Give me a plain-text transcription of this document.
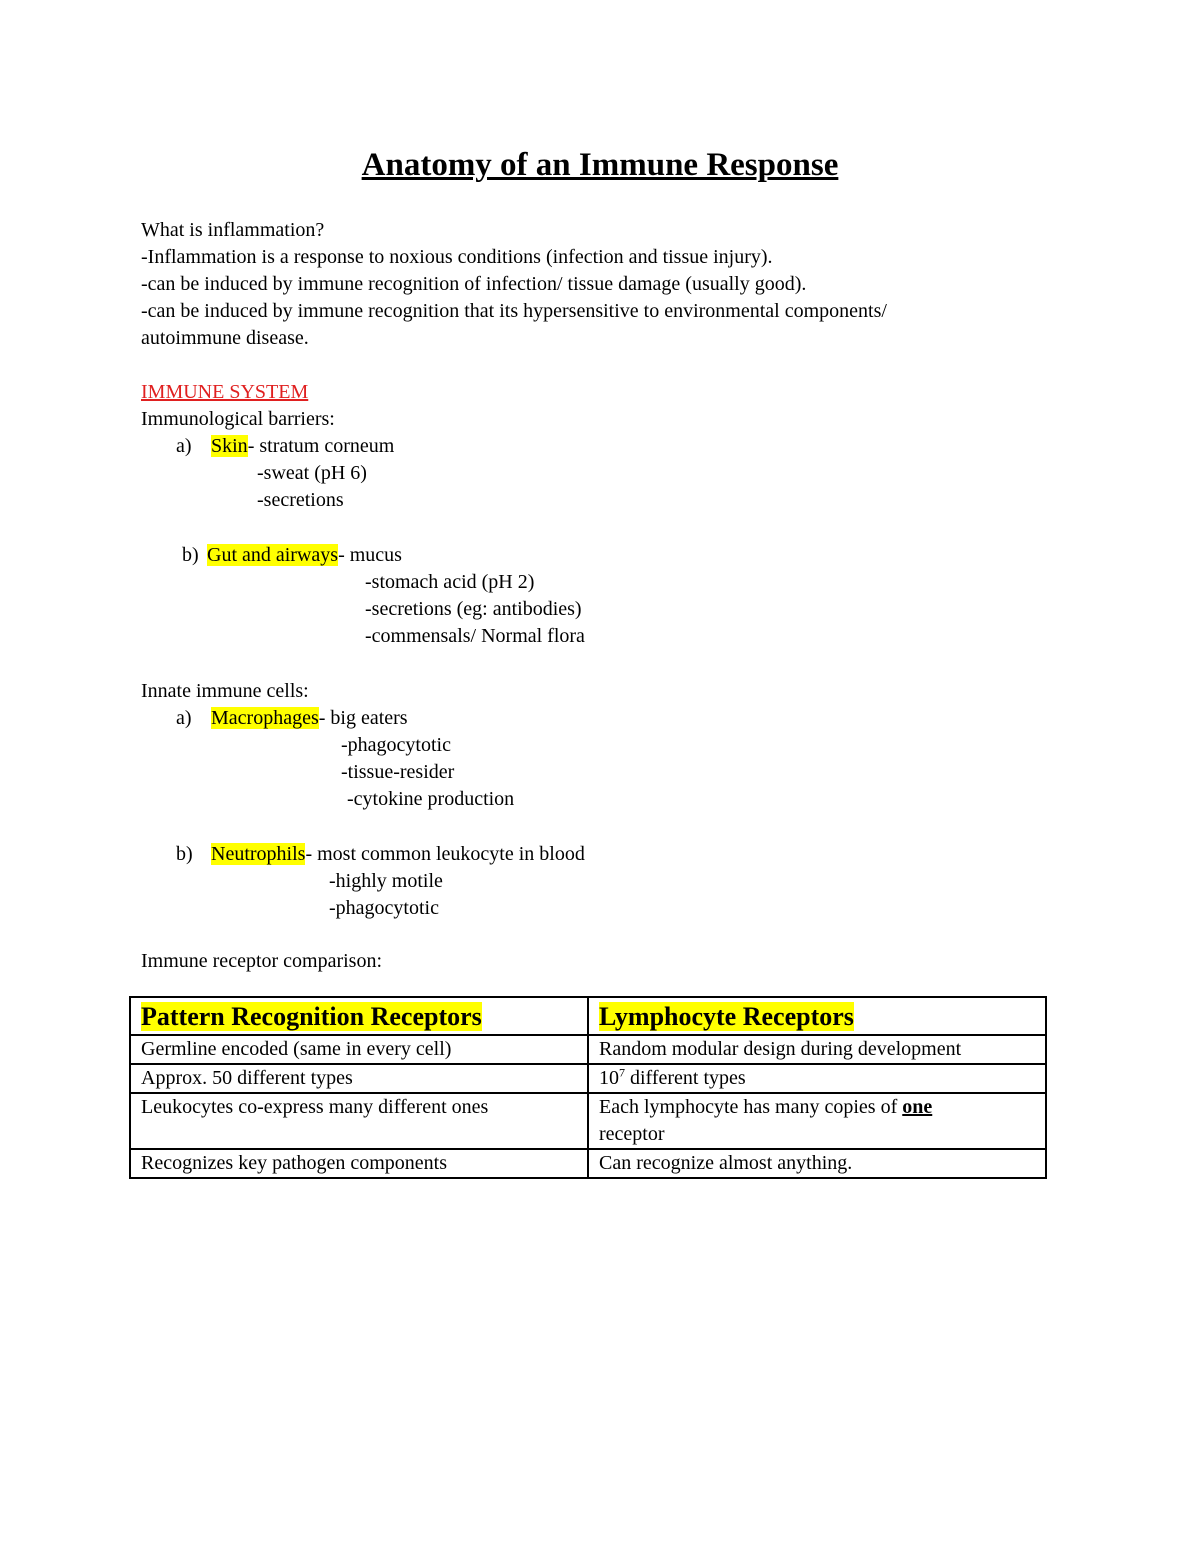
Anatomy of an Immune Response
What is inflammation?
-Inflammation is a response to noxious conditions (infection and tissue injury).
-can be induced by immune recognition of infection/ tissue damage (usually good).
-can be induced by immune recognition that its hypersensitive to environmental components/
autoimmune disease.
IMMUNE SYSTEM
Immunological barriers:
a) Skin- stratum corneum
-sweat (pH 6)
-secretions
b) Gut and airways- mucus
-stomach acid (pH 2)
-secretions (eg: antibodies)
-commensals/ Normal flora
Innate immune cells:
a) Macrophages- big eaters
-phagocytotic
-tissue-resider
-cytokine production
b) Neutrophils- most common leukocyte in blood
-highly motile
-phagocytotic
Immune receptor comparison:
Pattern Recognition Receptors	Lymphocyte Receptors
Germline encoded (same in every cell)	Random modular design during development
Approx. 50 different types	$10^7$ different types
Leukocytes co-express many different ones	Each lymphocyte has many copies of one
receptor
Recognizes key pathogen components	Can recognize almost anything.
